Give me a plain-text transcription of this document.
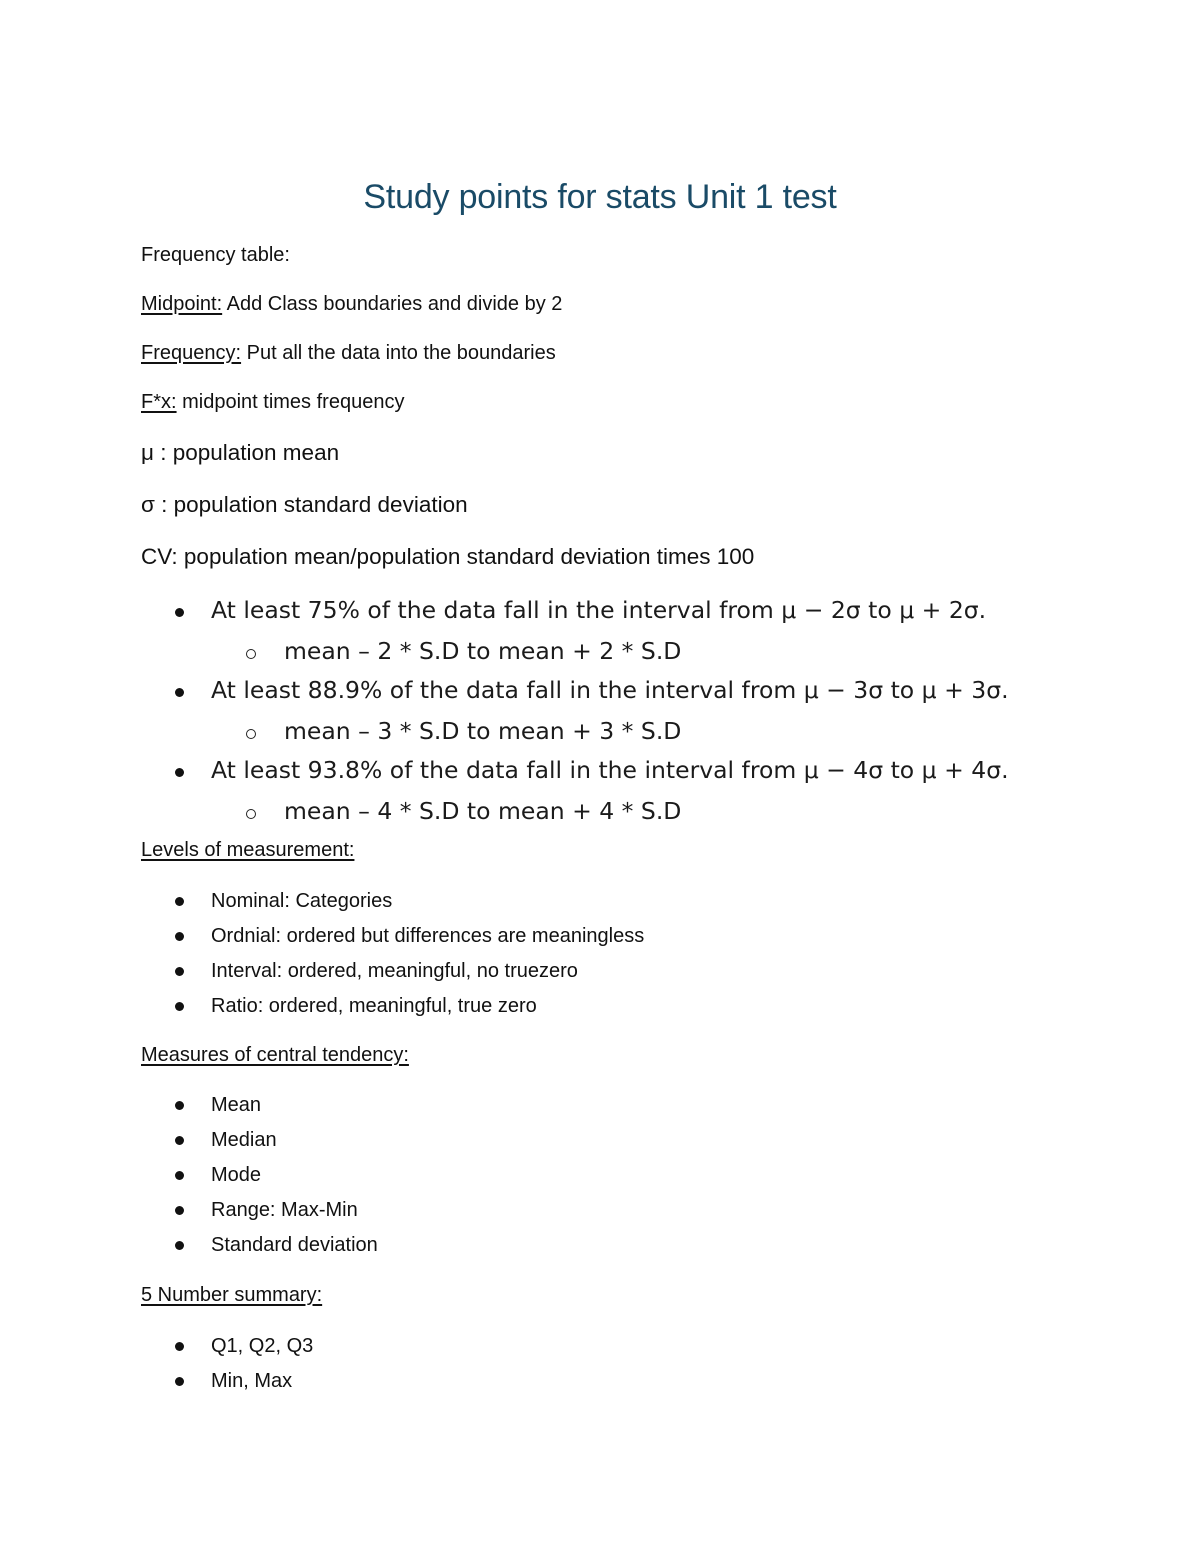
Study points for stats Unit 1 test
Frequency table:
Midpoint: Add Class boundaries and divide by 2
Frequency: Put all the data into the boundaries
F*x: midpoint times frequency
μ : population mean
σ : population standard deviation
CV: population mean/population standard deviation times 100
At least 75% of the data fall in the interval from μ − 2σ to μ + 2σ.
mean – 2 * S.D to mean + 2 * S.D
At least 88.9% of the data fall in the interval from μ − 3σ to μ + 3σ.
mean – 3 * S.D to mean + 3 * S.D
At least 93.8% of the data fall in the interval from μ − 4σ to μ + 4σ.
mean – 4 * S.D to mean + 4 * S.D
Levels of measurement:
Nominal: Categories
Ordnial: ordered but differences are meaningless
Interval: ordered, meaningful, no truezero
Ratio: ordered, meaningful, true zero
Measures of central tendency:
Mean
Median
Mode
Range: Max-Min
Standard deviation
5 Number summary:
Q1, Q2, Q3
Min, Max
